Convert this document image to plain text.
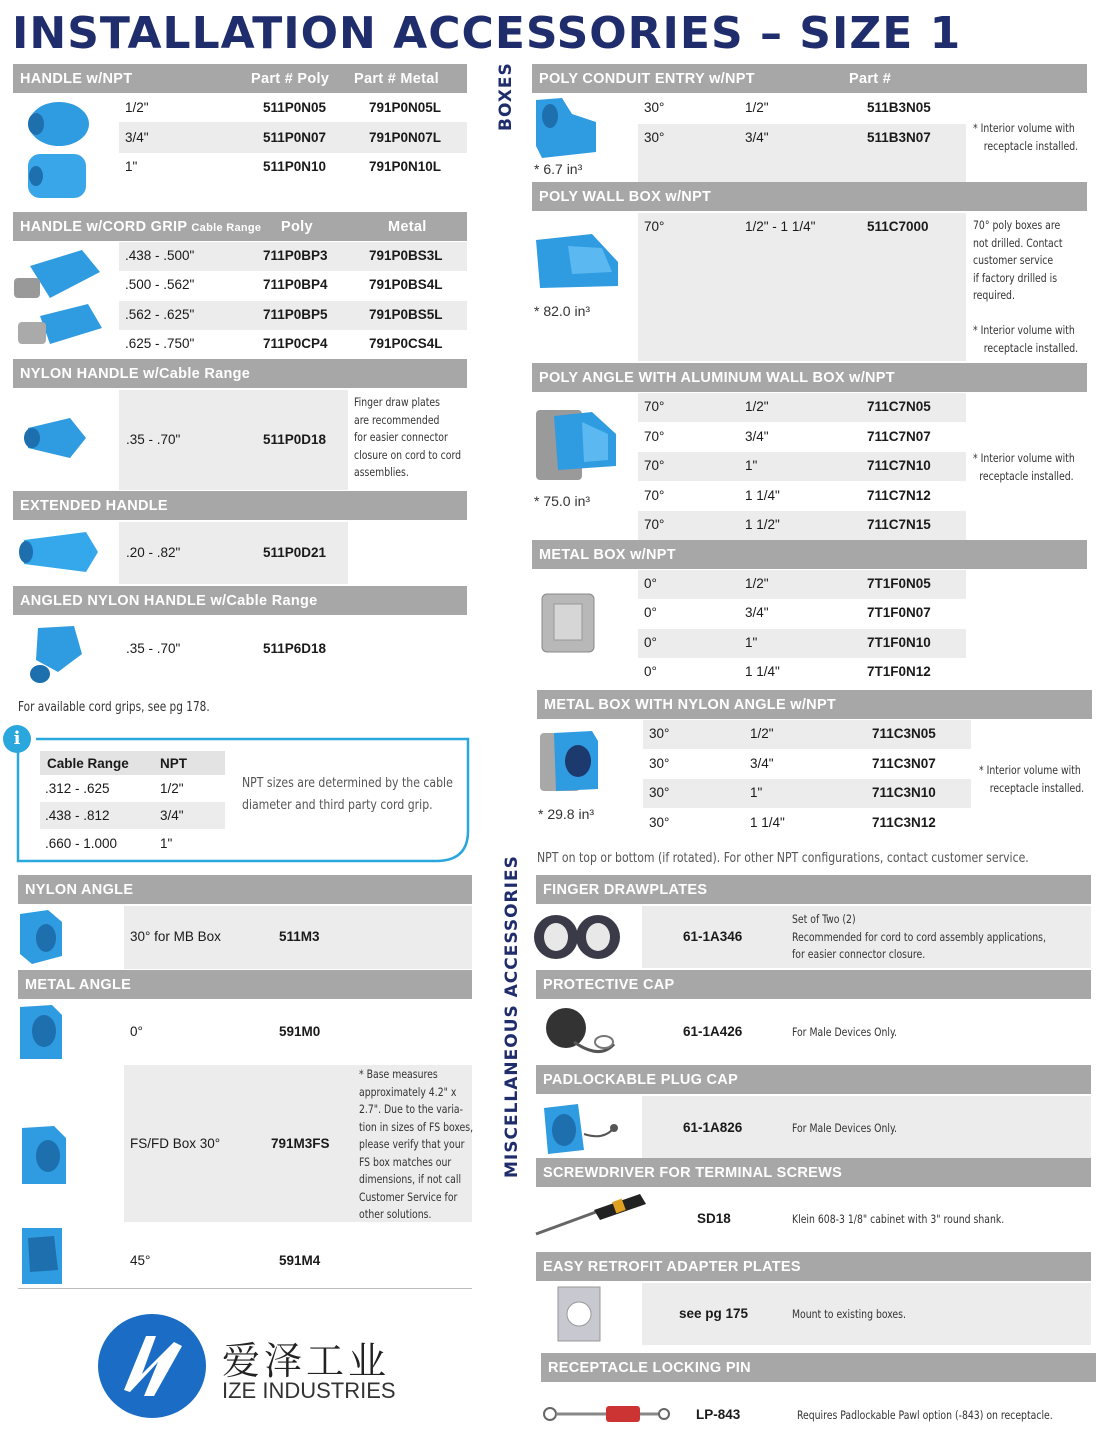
INSTALLATION ACCESSORIES – SIZE 1
HANDLE w/NPT	Part # Poly Part # Metal
1/2"	511P0N05	791P0N05L
3/4"	511P0N07	791P0N07L
1"	511P0N10	791P0N10L
HANDLE w/CORD GRIP Cable Range Poly	Metal
.438 - .500"	711P0BP3	791P0BS3L
.500 - .562"	711P0BP4	791P0BS4L
.562 - .625"	711P0BP5	791P0BS5L
.625 - .750"	711P0CP4	791P0CS4L
NYLON HANDLE w/Cable Range
.35 - .70"	511P0D18
Finger draw plates
are recommended
for easier connector
closure on cord to cord
assemblies.
EXTENDED HANDLE
.20 - .82"	511P0D21
ANGLED NYLON HANDLE w/Cable Range
.35 - .70"	511P6D18
For available cord grips, see pg 178.
i
Cable Range NPT
.312 - .625	1/2"
.438 - .812	3/4"
.660 - 1.000	1"
NPT sizes are determined by the cable
diameter and third party cord grip.
NYLON ANGLE
30° for MB Box	511M3
METAL ANGLE
0°	591M0
FS/FD Box 30°	791M3FS
* Base measures
approximately 4.2" x
2.7". Due to the varia-
tion in sizes of FS boxes,
please verify that your
FS box matches our
dimensions, if not call
Customer Service for
other solutions.
45°	591M4
爱泽工业
IZE INDUSTRIES
BOXES
MISCELLANEOUS ACCESSORIES
POLY CONDUIT ENTRY w/NPT	Part #
30°	1/2"	511B3N05
30°	3/4"	511B3N07
* Interior volume with
receptacle installed.
* 6.7 in³
POLY WALL BOX w/NPT
70°	1/2" - 1 1/4"	511C7000	70° poly boxes are
not drilled. Contact
customer service
if factory drilled is
required.
* Interior volume with
receptacle installed.
* 82.0 in³
POLY ANGLE WITH ALUMINUM WALL BOX w/NPT
70°	1/2"	711C7N05
70°	3/4"	711C7N07
70°	1"	711C7N10
70°	1 1/4"	711C7N12
70°	1 1/2"	711C7N15
* Interior volume with
receptacle installed.
* 75.0 in³
METAL BOX w/NPT
0°	1/2"	7T1F0N05
0°	3/4"	7T1F0N07
0°	1"	7T1F0N10
0°	1 1/4"	7T1F0N12
METAL BOX WITH NYLON ANGLE w/NPT
30°	1/2"	711C3N05
30°	3/4"	711C3N07
30°	1"	711C3N10
30°	1 1/4"	711C3N12
* Interior volume with
receptacle installed.
* 29.8 in³
NPT on top or bottom (if rotated). For other NPT configurations, contact customer service.
FINGER DRAWPLATES
61-1A346
Set of Two (2)
Recommended for cord to cord assembly applications,
for easier connector closure.
PROTECTIVE CAP
61-1A426	For Male Devices Only.
PADLOCKABLE PLUG CAP
61-1A826	For Male Devices Only.
SCREWDRIVER FOR TERMINAL SCREWS
SD18	Klein 608-3 1/8" cabinet with 3" round shank.
EASY RETROFIT ADAPTER PLATES
see pg 175	Mount to existing boxes.
RECEPTACLE LOCKING PIN
LP-843	Requires Padlockable Pawl option (-843) on receptacle.
